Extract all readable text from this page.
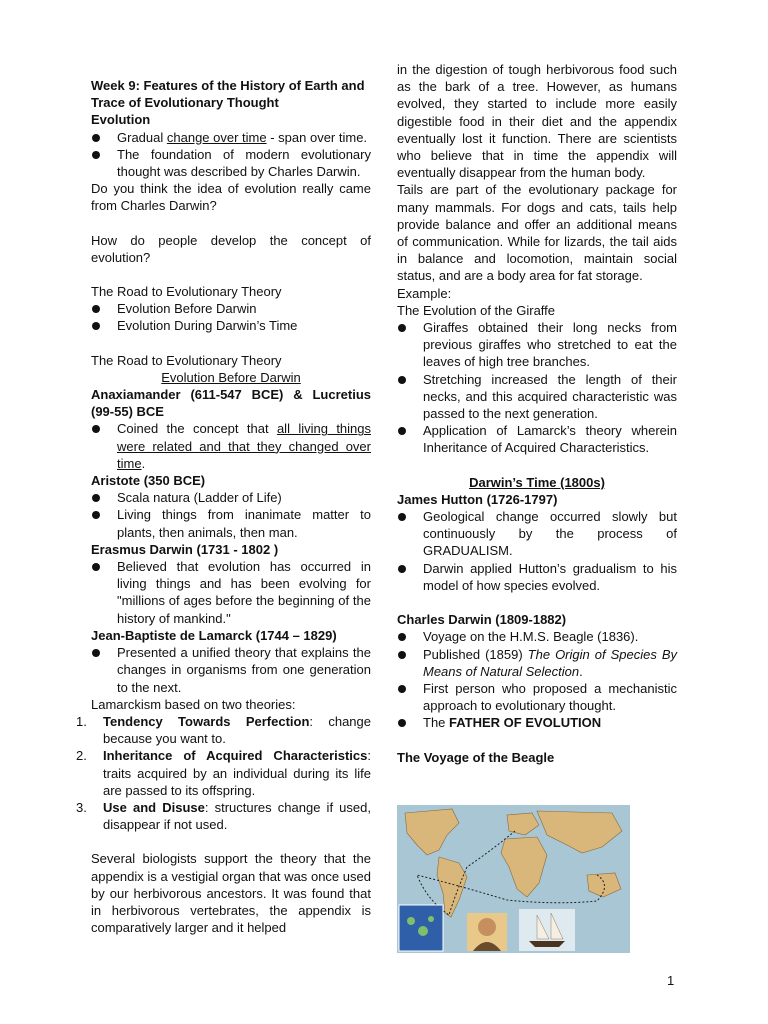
Week 9: Features of the History of Earth and Trace of Evolutionary Thought

Evolution

Gradual change over time - span over time.
The foundation of modern evolutionary thought was described by Charles Darwin.

Do you think the idea of evolution really came from Charles Darwin?

How do people develop the concept of evolution?

The Road to Evolutionary Theory

Evolution Before Darwin
Evolution During Darwin’s Time

The Road to Evolutionary Theory

Evolution Before Darwin

Anaxiamander (611-547 BCE) & Lucretius (99-55) BCE

Coined the concept that all living things were related and that they changed over time.

Aristote (350 BCE)

Scala natura (Ladder of Life)
Living things from inanimate matter to plants, then animals, then man.

Erasmus Darwin (1731 - 1802 )

Believed that evolution has occurred in living things and has been evolving for "millions of ages before the beginning of the history of mankind."

Jean-Baptiste de Lamarck (1744 – 1829)

Presented a unified theory that explains the changes in organisms from one generation to the next.

Lamarckism based on two theories:

1. Tendency Towards Perfection: change because you want to.
2. Inheritance of Acquired Characteristics: traits acquired by an individual during its life are passed to its offspring.
3. Use and Disuse: structures change if used, disappear if not used.

Several biologists support the theory that the appendix is a vestigial organ that was once used by our herbivorous ancestors. It was found that in herbivorous vertebrates, the appendix is comparatively larger and it helped

in the digestion of tough herbivorous food such as the bark of a tree. However, as humans evolved, they started to include more easily digestible food in their diet and the appendix eventually lost it function. There are scientists who believe that in time the appendix will eventually disappear from the human body.

Tails are part of the evolutionary package for many mammals. For dogs and cats, tails help provide balance and offer an additional means of communication. While for lizards, the tail aids in balance and locomotion, maintain social status, and are a body area for fat storage.

Example:

The Evolution of the Giraffe

Giraffes obtained their long necks from previous giraffes who stretched to eat the leaves of high tree branches.
Stretching increased the length of their necks, and this acquired characteristic was passed to the next generation.
Application of Lamarck’s theory wherein Inheritance of Acquired Characteristics.

Darwin’s Time (1800s)

James Hutton (1726-1797)

Geological change occurred slowly but continuously by the process of GRADUALISM.
Darwin applied Hutton’s gradualism to his model of how species evolved.

Charles Darwin (1809-1882)

Voyage on the H.M.S. Beagle (1836).
Published (1859) The Origin of Species By Means of Natural Selection.
First person who proposed a mechanistic approach to evolutionary thought.
The FATHER OF EVOLUTION

The Voyage of the Beagle

1
